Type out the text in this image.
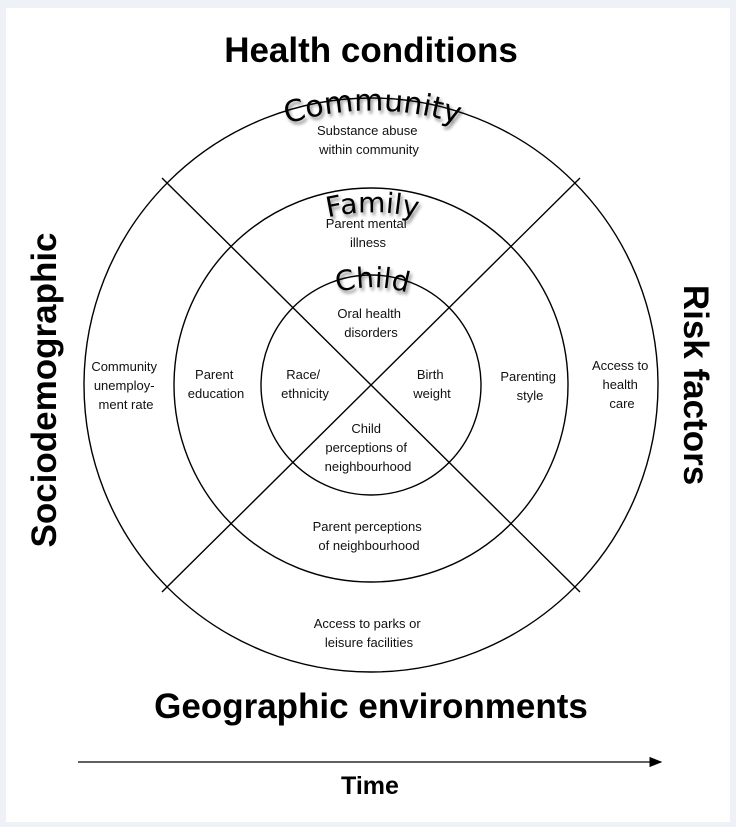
Health conditions
Geographic environments
Sociodemographic	Risk factors
Community
Family
Child
Substance abuse within community
Community unemploy- ment rate
Access to health care
Access to parks or leisure facilities
Parent mental illness
Parent education
Parenting style
Parent perceptions of neighbourhood
Oral health disorders
Race/ ethnicity
Birth weight
Child perceptions of neighbourhood
Time
